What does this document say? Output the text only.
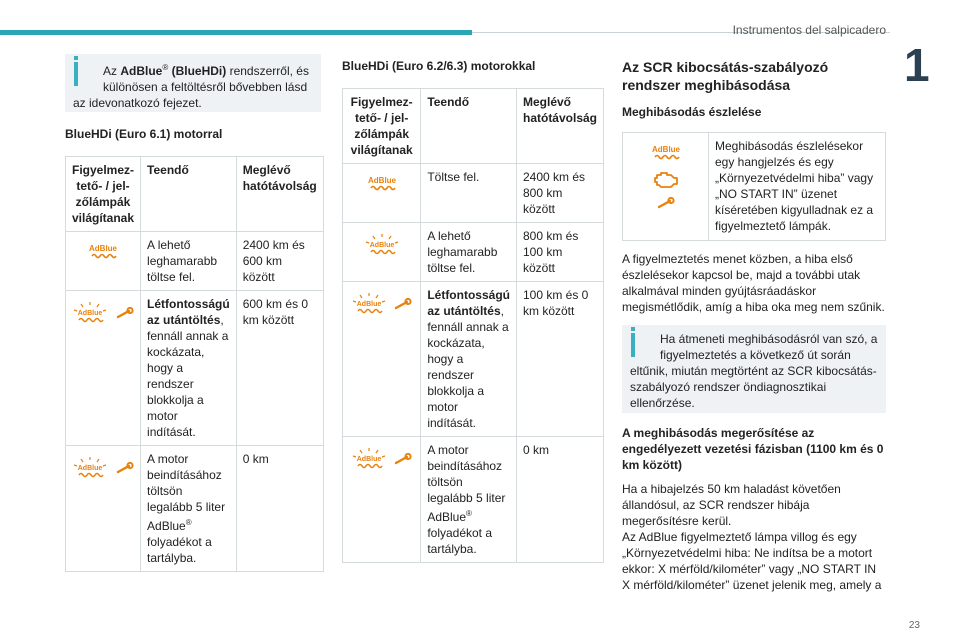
Instrumentos del salpicadero
1

Az AdBlue® (BlueHDi) rendszerről, és
különösen a feltöltésről bővebben lásd
az idevonatkozó fejezet.

BlueHDi (Euro 6.1) motorral
Figyelmez-tető- / jel-zőlámpák világítanak	Teendő	Meglévő hatótávolság

AdBlue	A lehető leghamarabb töltse fel.	2400 km és 600 km között

AdBlue	Létfontosságú az utántöltés, fennáll annak a kockázata, hogy a rendszer blokkolja a motor indítását.	600 km és 0 km között

AdBlue	A motor beindításához töltsön legalább 5 liter AdBlue® folyadékot a tartályba.	0 km
BlueHDi (Euro 6.2/6.3) motorokkal
Figyelmez-tető- / jel-zőlámpák világítanak	Teendő	Meglévő hatótávolság

AdBlue	Töltse fel.	2400 km és 800 km között

AdBlue	A lehető leghamarabb töltse fel.	800 km és 100 km között

AdBlue	Létfontosságú az utántöltés, fennáll annak a kockázata, hogy a rendszer blokkolja a motor indítását.	100 km és 0 km között

AdBlue	A motor beindításához töltsön legalább 5 liter AdBlue® folyadékot a tartályba.	0 km
Az SCR kibocsátás-szabályozó rendszer meghibásodása
Meghibásodás észlelése
AdBlue	Meghibásodás észlelésekor egy hangjelzés és egy „Környezetvédelmi hiba” vagy „NO START IN” üzenet kíséretében kigyulladnak ez a figyelmeztető lámpák.

A figyelmeztetés menet közben, a hiba első észlelésekor kapcsol be, majd a további utak alkalmával minden gyújtásráadáskor megismétlődik, amíg a hiba oka meg nem szűnik.

Ha átmeneti meghibásodásról van szó, a
figyelmeztetés a következő út során
eltűnik, miután megtörtént az SCR kibocsátás-szabályozó rendszer öndiagnosztikai ellenőrzése.

A meghibásodás megerősítése az engedélyezett vezetési fázisban (1100 km és 0 km között)

Ha a hibajelzés 50 km haladást követően állandósul, az SCR rendszer hibája megerősítésre kerül.

Az AdBlue figyelmeztető lámpa villog és egy „Környezetvédelmi hiba: Ne indítsa be a motort ekkor: X mérföld/kilométer” vagy „NO START IN X mérföld/kilométer” üzenet jelenik meg, amely a

23
